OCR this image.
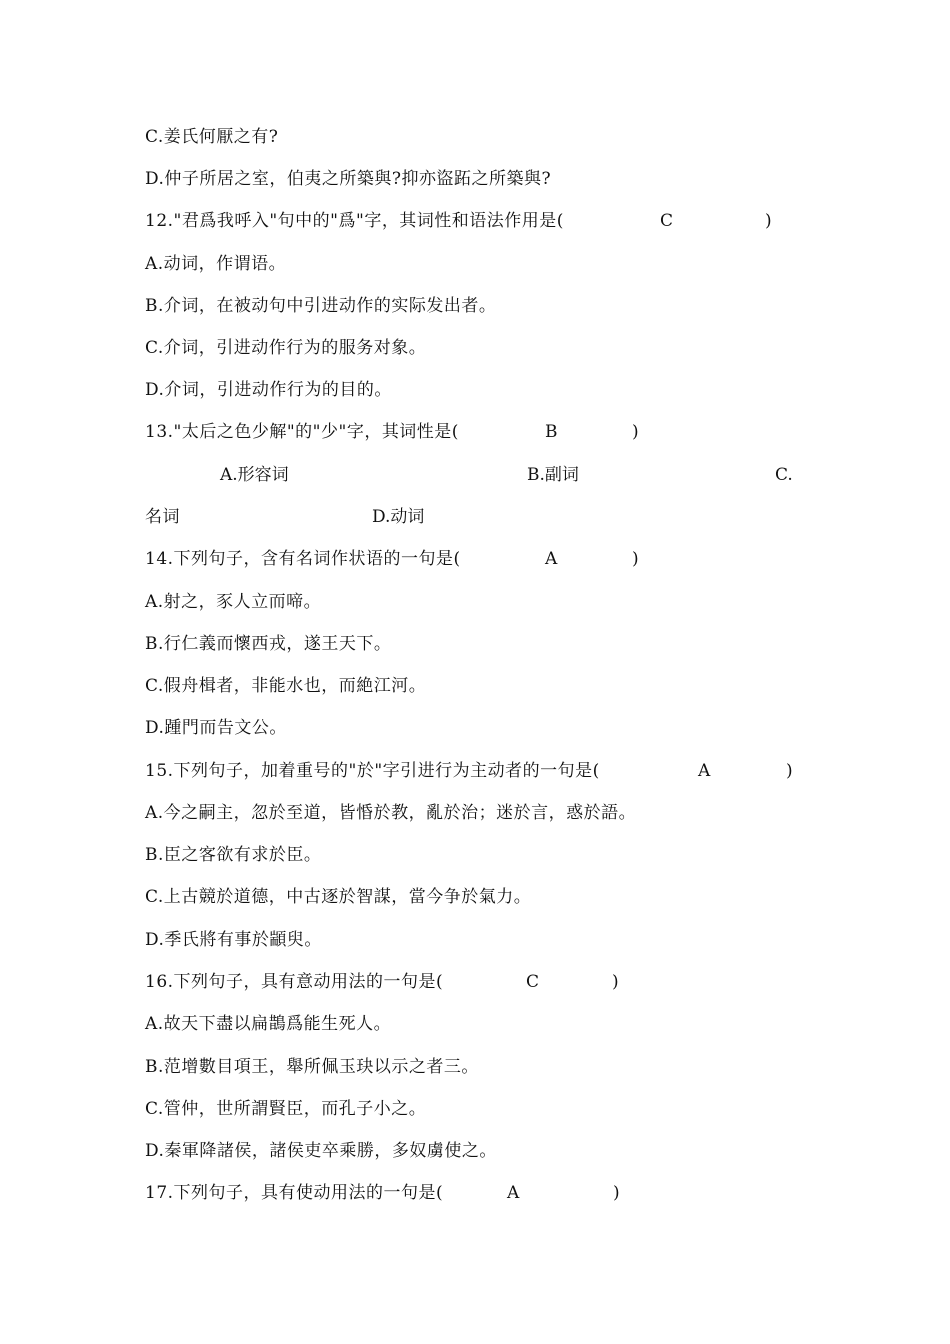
C.姜氏何厭之有?
D.仲子所居之室，伯夷之所築與?抑亦盜跖之所築與?
12."君爲我呼入"句中的"爲"字，其词性和语法作用是(	C	)
A.动词，作谓语。
B.介词，在被动句中引进动作的实际发出者。
C.介词，引进动作行为的服务对象。
D.介词，引进动作行为的目的。
13."太后之色少解"的"少"字，其词性是(	B	)
A.形容词	B.副词	C.
名词	D.动词
14.下列句子，含有名词作状语的一句是(	A	)
A.射之，豕人立而啼。
B.行仁義而懷西戎，遂王天下。
C.假舟楫者，非能水也，而絶江河。
D.踵門而告文公。
15.下列句子，加着重号的"於"字引进行为主动者的一句是(	A	)
A.今之嗣主，忽於至道，皆惛於教，亂於治；迷於言，惑於語。
B.臣之客欲有求於臣。
C.上古競於道德，中古逐於智謀，當今争於氣力。
D.季氏將有事於顓臾。
16.下列句子，具有意动用法的一句是(	C	)
A.故天下盡以扁鵲爲能生死人。
B.范增數目項王，舉所佩玉玦以示之者三。
C.管仲，世所謂賢臣，而孔子小之。
D.秦軍降諸侯，諸侯吏卒乘勝，多奴虜使之。
17.下列句子，具有使动用法的一句是(	A	)
